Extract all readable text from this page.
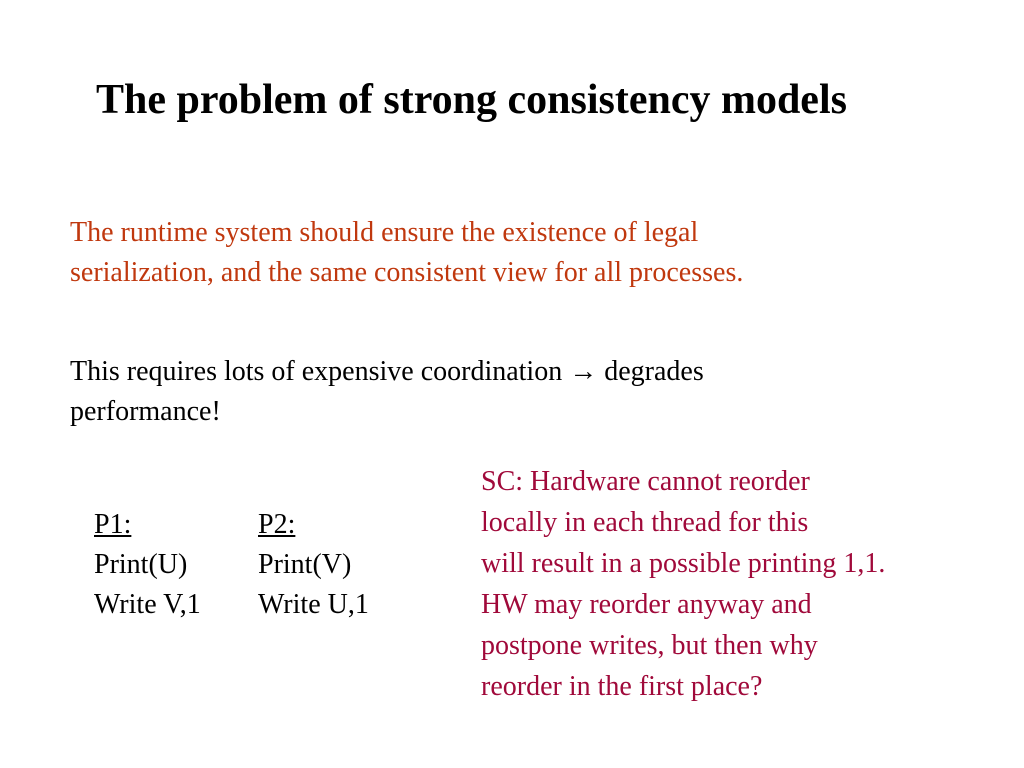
The problem of strong consistency models
The runtime system should ensure the existence of legal
serialization, and the same consistent view for all processes.
This requires lots of expensive coordination → degrades
performance!
P1:
Print(U)
Write V,1
P2:
Print(V)
Write U,1
SC: Hardware cannot reorder
locally in each thread for this
will result in a possible printing 1,1.
HW may reorder anyway and
postpone writes, but then why
reorder in the first place?
